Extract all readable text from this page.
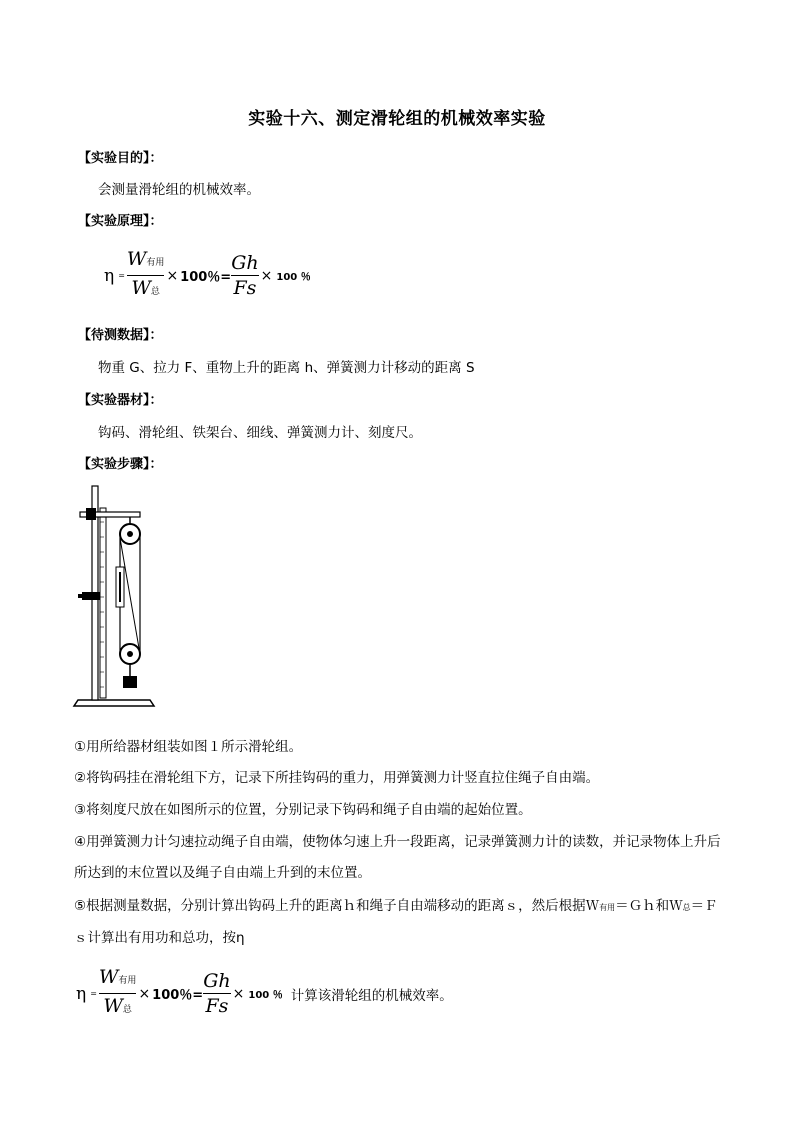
实验十六、测定滑轮组的机械效率实验
【实验目的】：
会测量滑轮组的机械效率。
【实验原理】：
$\eta = \frac{\text{W有用}}{\text{W总}} \times 100$％= $\frac{Gh}{Fs} \times 100$ ％
【待测数据】：
物重 G、拉力 F、重物上升的距离 h、弹簧测力计移动的距离 S
【实验器材】：
钩码、滑轮组、铁架台、细线、弹簧测力计、刻度尺。
【实验步骤】：
①用所给器材组装如图１所示滑轮组。
②将钩码挂在滑轮组下方，记录下所挂钩码的重力，用弹簧测力计竖直拉住绳子自由端。
③将刻度尺放在如图所示的位置，分别记录下钩码和绳子自由端的起始位置。
④用弹簧测力计匀速拉动绳子自由端，使物体匀速上升一段距离，记录弹簧测力计的读数，并记录物体上升后所达到的末位置以及绳子自由端上升到的末位置。
⑤根据测量数据，分别计算出钩码上升的距离ｈ和绳子自由端移动的距离ｓ，然后根据Ｗ有用＝Ｇｈ和Ｗ总＝Ｆｓ计算出有用功和总功，按η
$\eta = \frac{\text{W有用}}{\text{W总}} \times 100$％= $\frac{Gh}{Fs} \times 100$ ％ 计算该滑轮组的机械效率。
